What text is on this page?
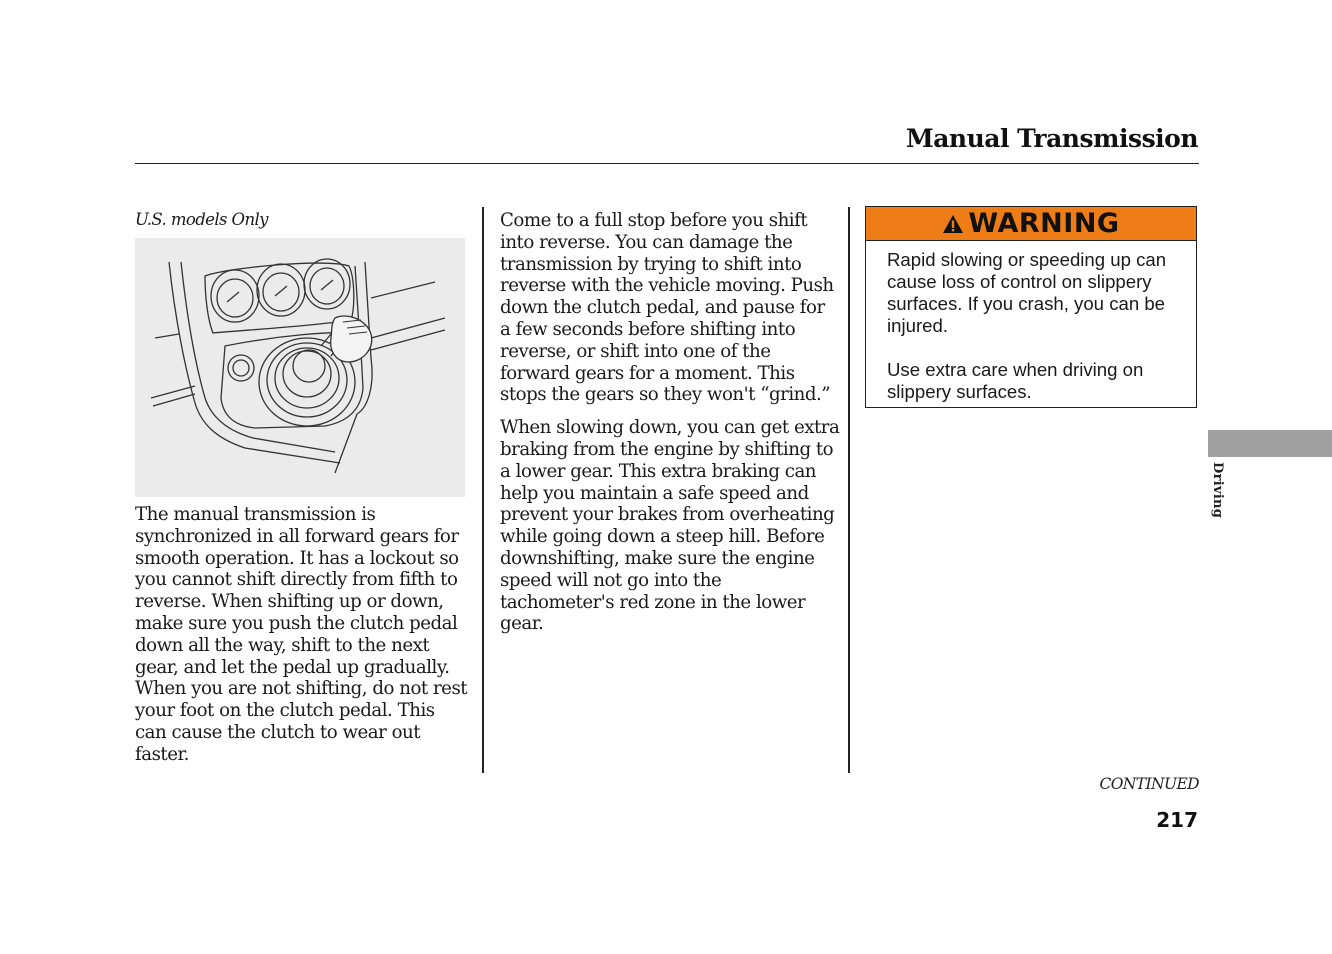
Manual Transmission

U.S. models Only

The manual transmission is synchronized in all forward gears for smooth operation. It has a lockout so you cannot shift directly from fifth to reverse. When shifting up or down, make sure you push the clutch pedal down all the way, shift to the next gear, and let the pedal up gradually. When you are not shifting, do not rest your foot on the clutch pedal. This can cause the clutch to wear out faster.

Come to a full stop before you shift into reverse. You can damage the transmission by trying to shift into reverse with the vehicle moving. Push down the clutch pedal, and pause for a few seconds before shifting into reverse, or shift into one of the forward gears for a moment. This stops the gears so they won't “grind.”

When slowing down, you can get extra braking from the engine by shifting to a lower gear. This extra braking can help you maintain a safe speed and prevent your brakes from overheating while going down a steep hill. Before downshifting, make sure the engine speed will not go into the tachometer's red zone in the lower gear.

WARNING

Rapid slowing or speeding up can cause loss of control on slippery surfaces. If you crash, you can be injured.

Use extra care when driving on slippery surfaces.

Driving
CONTINUED
217
